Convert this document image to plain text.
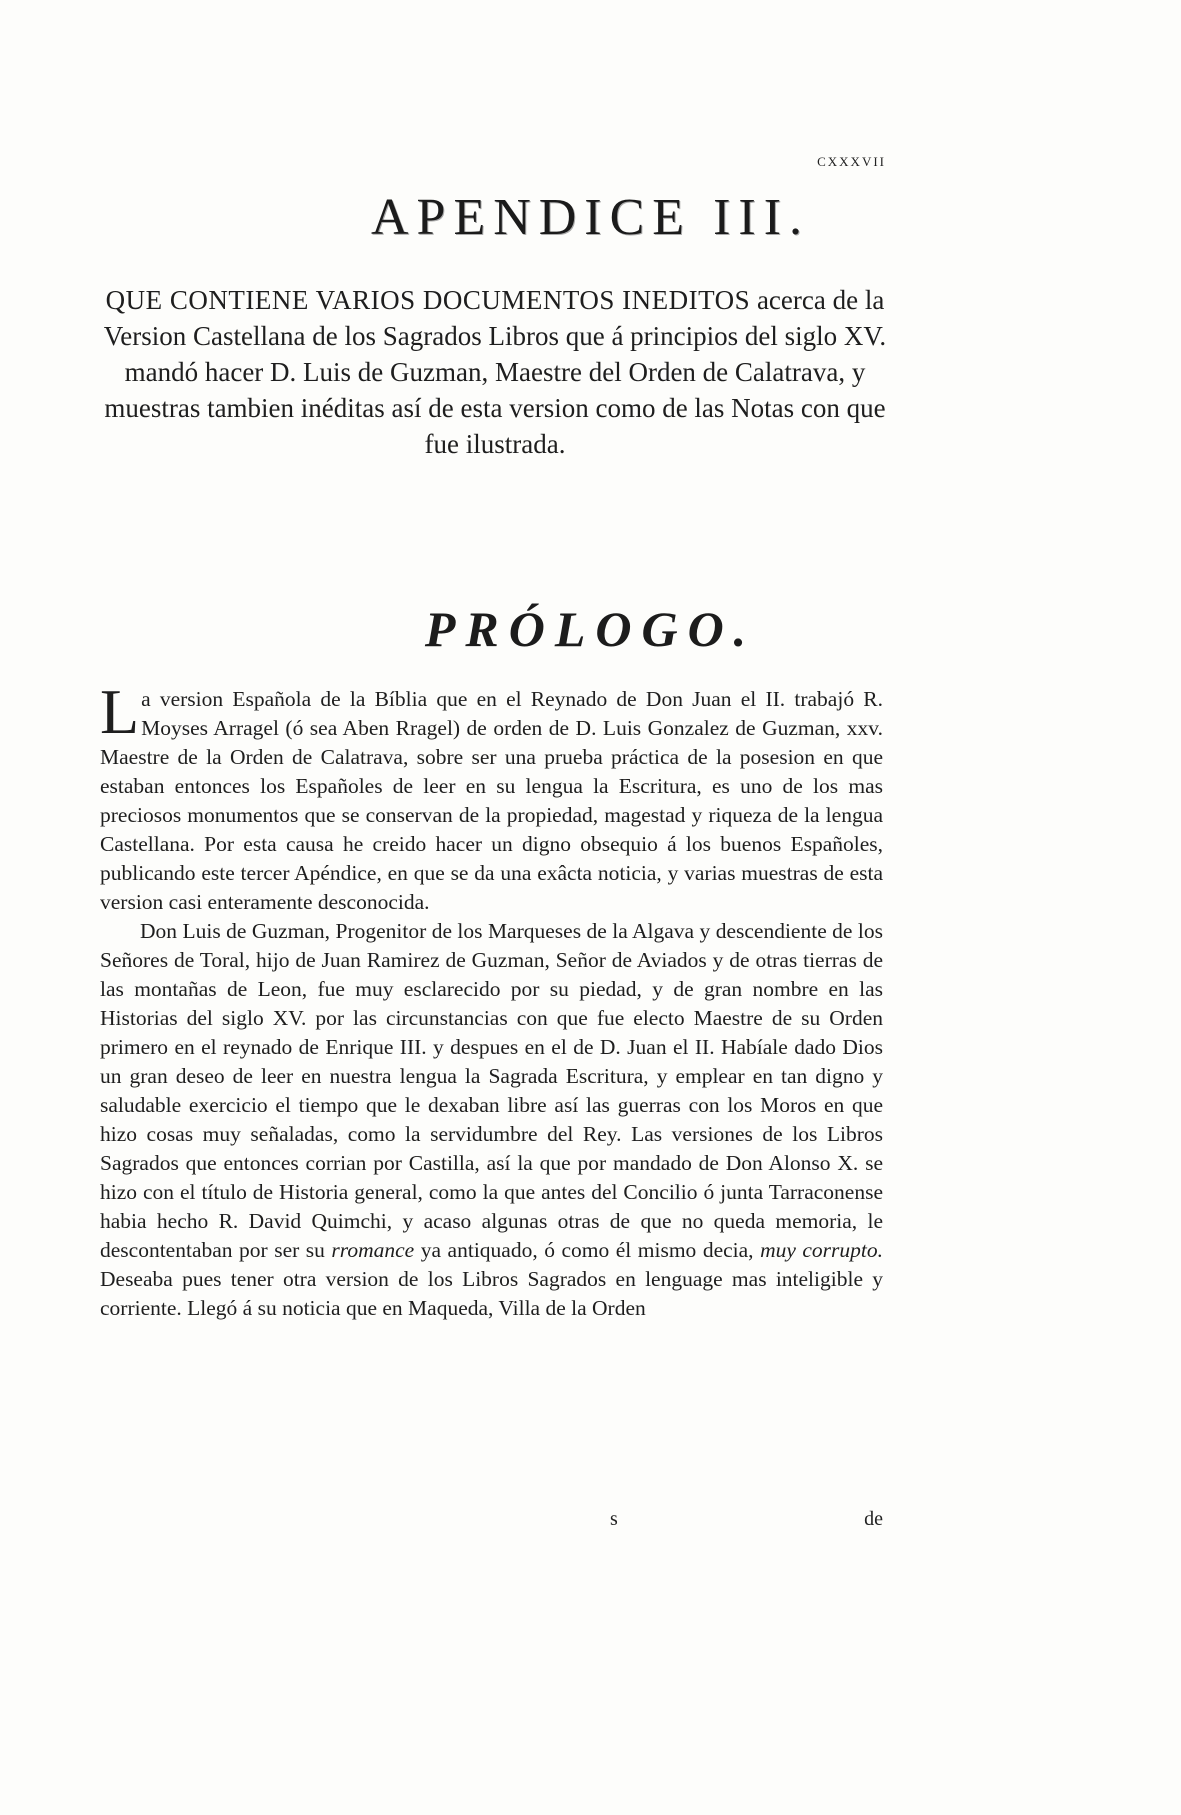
cxxxvii
APENDICE III.
QUE CONTIENE VARIOS DOCUMENTOS INEDITOS acerca de la Version Castellana de los Sagrados Libros que á principios del siglo XV. mandó hacer D. Luis de Guzman, Maestre del Orden de Calatrava, y muestras tambien inéditas así de esta version como de las Notas con que fue ilustrada.
PRÓLOGO.

La version Española de la Bíblia que en el Reynado de Don Juan el II. trabajó R. Moyses Arragel (ó sea Aben Rragel) de orden de D. Luis Gonzalez de Guzman, xxv. Maestre de la Orden de Calatrava, sobre ser una prueba práctica de la posesion en que estaban entonces los Españoles de leer en su lengua la Escritura, es uno de los mas preciosos monumentos que se conservan de la propiedad, magestad y riqueza de la lengua Castellana. Por esta causa he creido hacer un digno obsequio á los buenos Españoles, publicando este tercer Apéndice, en que se da una exâcta noticia, y varias muestras de esta version casi enteramente desconocida.

Don Luis de Guzman, Progenitor de los Marqueses de la Algava y descendiente de los Señores de Toral, hijo de Juan Ramirez de Guzman, Señor de Aviados y de otras tierras de las montañas de Leon, fue muy esclarecido por su piedad, y de gran nombre en las Historias del siglo XV. por las circunstancias con que fue electo Maestre de su Orden primero en el reynado de Enrique III. y despues en el de D. Juan el II. Habíale dado Dios un gran deseo de leer en nuestra lengua la Sagrada Escritura, y emplear en tan digno y saludable exercicio el tiempo que le dexaban libre así las guerras con los Moros en que hizo cosas muy señaladas, como la servidumbre del Rey. Las versiones de los Libros Sagrados que entonces corrian por Castilla, así la que por mandado de Don Alonso X. se hizo con el título de Historia general, como la que antes del Concilio ó junta Tarraconense habia hecho R. David Quimchi, y acaso algunas otras de que no queda memoria, le descontentaban por ser su rromance ya antiquado, ó como él mismo decia, muy corrupto. Deseaba pues tener otra version de los Libros Sagrados en lenguage mas inteligible y corriente. Llegó á su noticia que en Maqueda, Villa de la Orden

s	de
